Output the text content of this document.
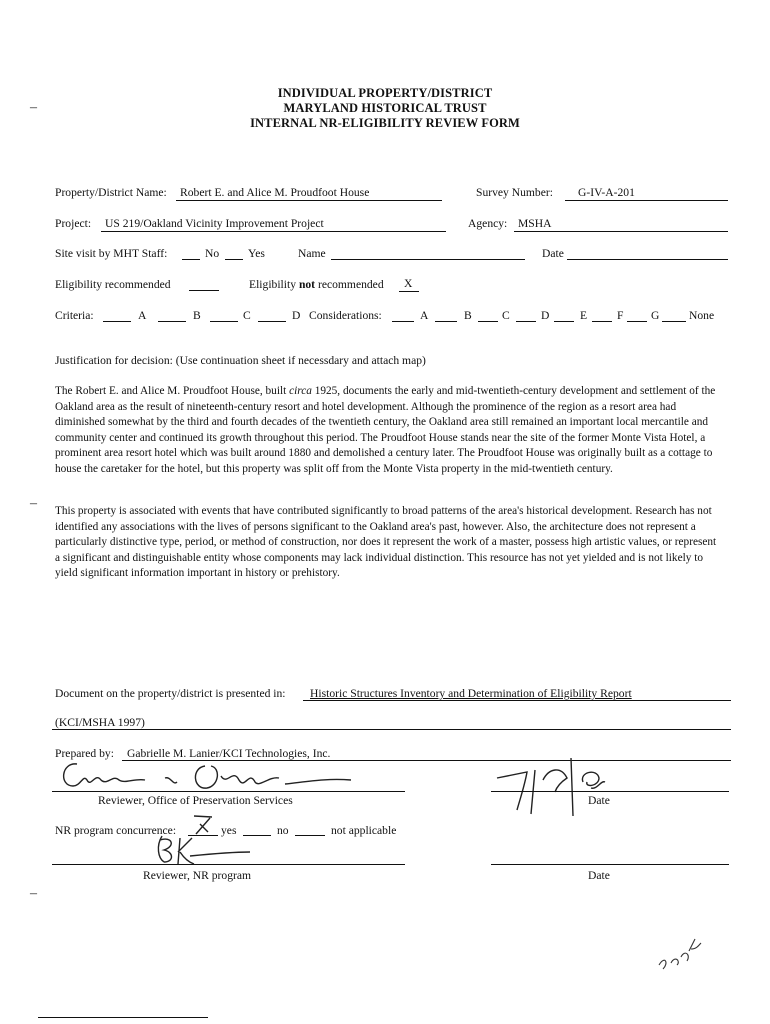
INDIVIDUAL PROPERTY/DISTRICT
MARYLAND HISTORICAL TRUST
INTERNAL NR-ELIGIBILITY REVIEW FORM
–
–
–
Property/District Name: Robert E. and Alice M. Proudfoot House	Survey Number: G-IV-A-201
Project: US 219/Oakland Vicinity Improvement Project	Agency: MSHA
Site visit by MHT Staff:	No Yes	Name	Date
Eligibility recommended	Eligibility not recommended X
Criteria:	A	B	C	D Considerations:	A	B	C	D	E	F G	None
Justification for decision: (Use continuation sheet if necessdary and attach map)
The Robert E. and Alice M. Proudfoot House, built circa 1925, documents the early and mid-twentieth-century development and settlement of the Oakland area as the result of nineteenth-century resort and hotel development. Although the prominence of the region as a resort area had diminished somewhat by the third and fourth decades of the twentieth century, the Oakland area still remained an important local mercantile and community center and continued its growth throughout this period. The Proudfoot House stands near the site of the former Monte Vista Hotel, a prominent area resort hotel which was built around 1880 and demolished a century later. The Proudfoot House was originally built as a cottage to house the caretaker for the hotel, but this property was split off from the Monte Vista property in the mid-twentieth century.
This property is associated with events that have contributed significantly to broad patterns of the area's historical development. Research has not identified any associations with the lives of persons significant to the Oakland area's past, however. Also, the architecture does not represent a particularly distinctive type, period, or method of construction, nor does it represent the work of a master, possess high artistic values, or represent a significant and distinguishable entity whose components may lack individual distinction. This resource has not yet yielded and is not likely to yield significant information important in history or prehistory.
Document on the property/district is presented in: Historic Structures Inventory and Determination of Eligibility Report
(KCI/MSHA 1997)
Prepared by: Gabrielle M. Lanier/KCI Technologies, Inc.
Reviewer, Office of Preservation Services	Date
NR program concurrence:	yes	no	not applicable
Reviewer, NR program	Date
